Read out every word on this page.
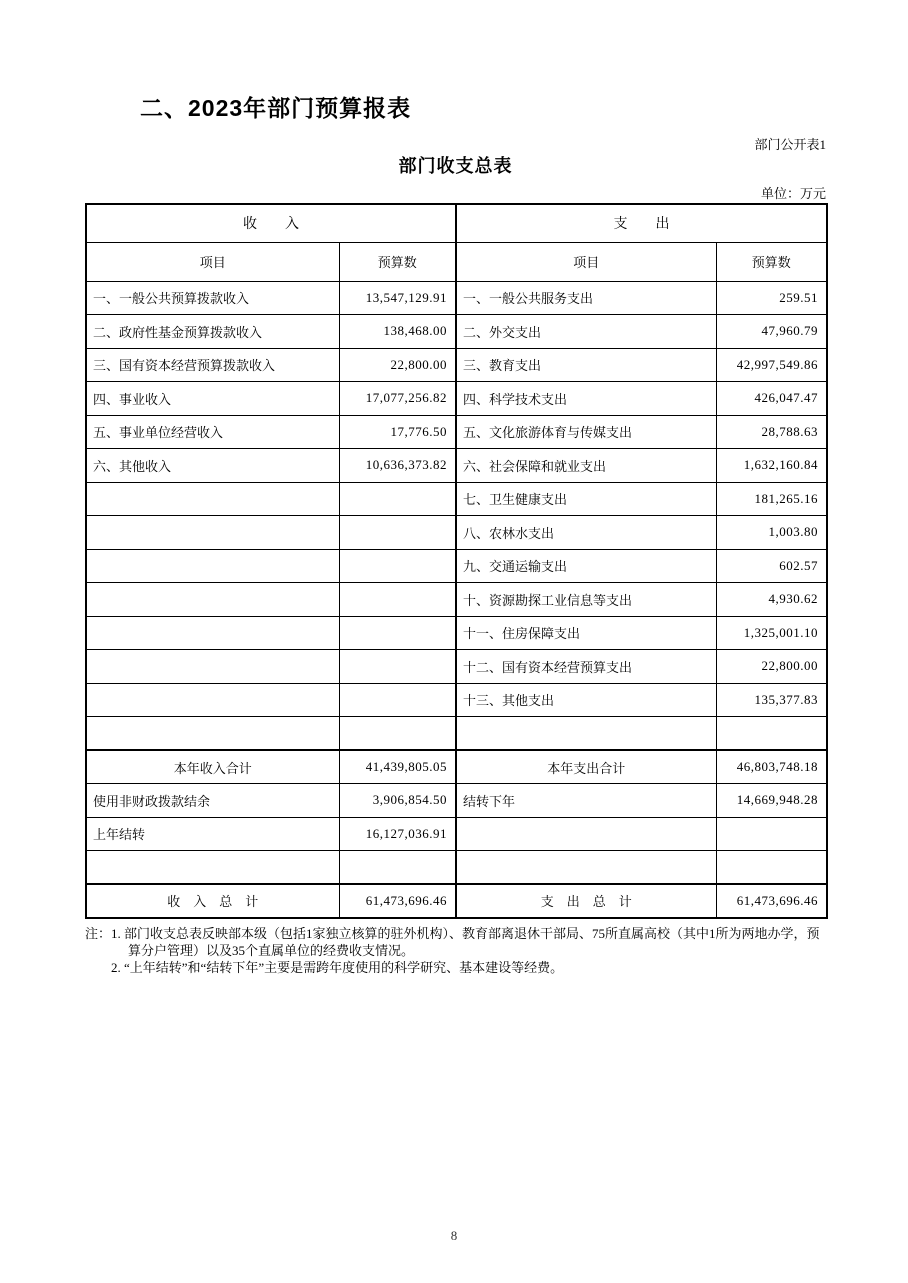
二、2023年部门预算报表
部门公开表1
部门收支总表
单位：万元
收　　入		支　　出	
项目	预算数	项目	预算数
一、一般公共预算拨款收入	13,547,129.91	一、一般公共服务支出	259.51
二、政府性基金预算拨款收入	138,468.00	二、外交支出	47,960.79
三、国有资本经营预算拨款收入	22,800.00	三、教育支出	42,997,549.86
四、事业收入	17,077,256.82	四、科学技术支出	426,047.47
五、事业单位经营收入	17,776.50	五、文化旅游体育与传媒支出	28,788.63
六、其他收入	10,636,373.82	六、社会保障和就业支出	1,632,160.84
		七、卫生健康支出	181,265.16
		八、农林水支出	1,003.80
		九、交通运输支出	602.57
		十、资源勘探工业信息等支出	4,930.62
		十一、住房保障支出	1,325,001.10
		十二、国有资本经营预算支出	22,800.00
		十三、其他支出	135,377.83

本年收入合计	41,439,805.05	本年支出合计	46,803,748.18
使用非财政拨款结余	3,906,854.50	结转下年	14,669,948.28
上年结转	16,127,036.91		

收　入　总　计	61,473,696.46	支　出　总　计	61,473,696.46
注： 1. 部门收支总表反映部本级（包括1家独立核算的驻外机构）、教育部离退休干部局、75所直属高校（其中1所为两地办学，预算分户管理）以及35个直属单位的经费收支情况。

2. “上年结转”和“结转下年”主要是需跨年度使用的科学研究、基本建设等经费。

8
